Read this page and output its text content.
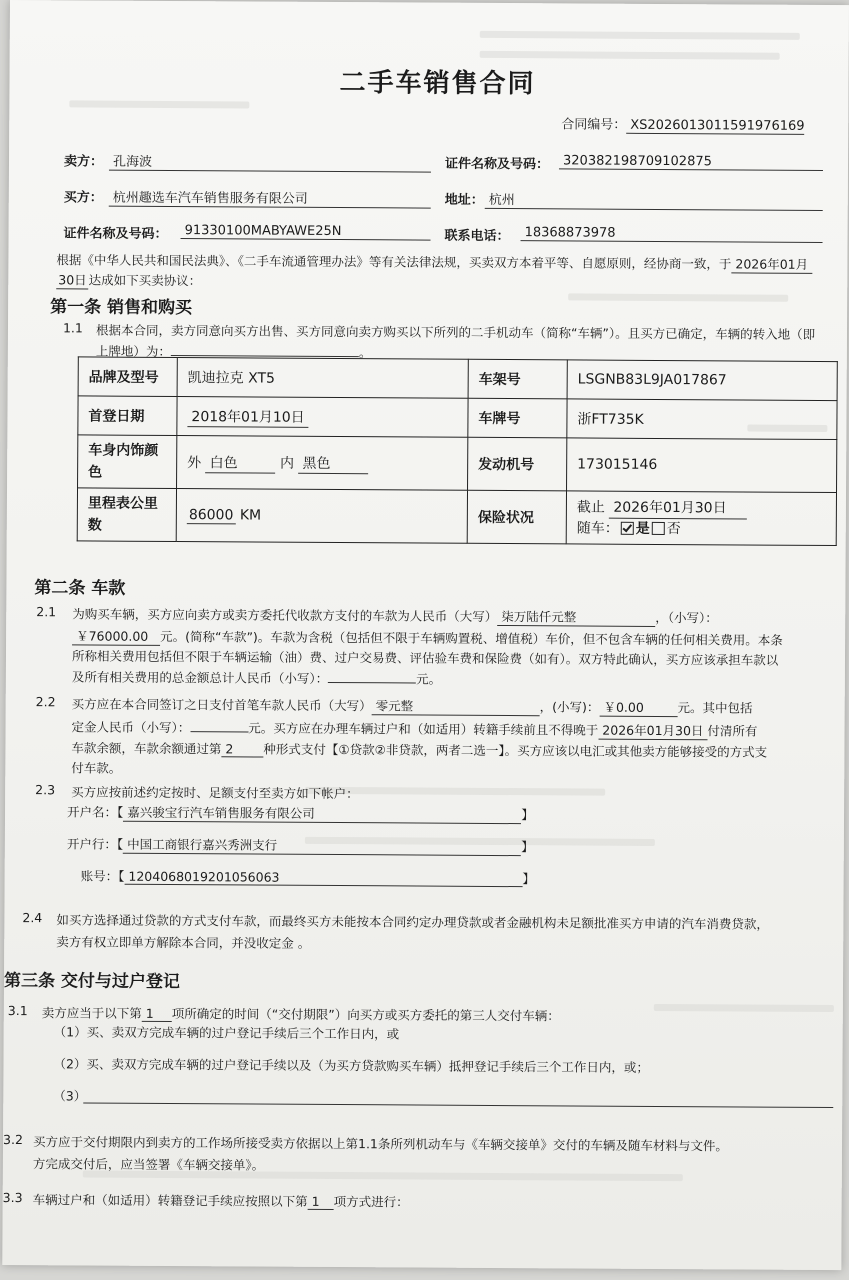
二手车销售合同
合同编号： XS2026013011591976169
卖方： 孔海波	证件名称及号码：	320382198709102875
买方： 杭州趣选车汽车销售服务有限公司	地址： 杭州
证件名称及号码：	91330100MABYAWE25N	联系电话：	18368873978
根据《中华人民共和国民法典》、《二手车流通管理办法》等有关法律法规，买卖双方本着平等、自愿原则，经协商一致，于 2026年01月
30日 达成如下买卖协议：
第一条 销售和购买
1.1 根据本合同，卖方同意向买方出售、买方同意向卖方购买以下所列的二手机动车（简称“车辆”）。且买方已确定，车辆的转入地（即
上牌地）为：	。
品牌及型号	凯迪拉克 XT5	车架号	LSGNB83L9JA017867
首登日期	2018年01月10日	车牌号	浙FT735K
车身内饰颜色	外 白色 内 黑色	发动机号	173015146
里程表公里数	86000 KM	保险状况	截止 2026年01月30日
随车： 是 否
第二条 车款
2.1 为购买车辆，买方应向卖方或卖方委托代收款方支付的车款为人民币（大写） 柒万陆仟元整	，（小写）：
￥76000.00 元。(简称“车款”)。车款为含税（包括但不限于车辆购置税、增值税）车价，但不包含车辆的任何相关费用。本条
所称相关费用包括但不限于车辆运输（油）费、过户交易费、评估验车费和保险费（如有）。双方特此确认，买方应该承担车款以
及所有相关费用的总金额总计人民币（小写）：	元。
2.2 买方应在本合同签订之日支付首笔车款人民币（大写） 零元整	，(小写)： ￥0.00	元。其中包括
定金人民币（小写）：	元。买方应在办理车辆过户和（如适用）转籍手续前且不得晚于 2026年01月30日 付清所有
车款余额，车款余额通过第 2 种形式支付【①贷款②非贷款，两者二选一】。买方应该以电汇或其他卖方能够接受的方式支
付车款。
2.3 买方应按前述约定按时、足额支付至卖方如下帐户：
开户名：【 嘉兴骏宝行汽车销售服务有限公司	】
开户行：【 中国工商银行嘉兴秀洲支行	】
账号：【 1204068019201056063	】
2.4 如买方选择通过贷款的方式支付车款，而最终买方未能按本合同约定办理贷款或者金融机构未足额批准买方申请的汽车消费贷款，
卖方有权立即单方解除本合同，并没收定金 。
第三条 交付与过户登记
3.1 卖方应当于以下第 1 项所确定的时间（“交付期限”）向买方或买方委托的第三人交付车辆：
（1）买、卖双方完成车辆的过户登记手续后三个工作日内，或
（2）买、卖双方完成车辆的过户登记手续以及（为买方贷款购买车辆）抵押登记手续后三个工作日内，或；
（3）
3.2 买方应于交付期限内到卖方的工作场所接受卖方依据以上第1.1条所列机动车与《车辆交接单》交付的车辆及随车材料与文件。
方完成交付后，应当签署《车辆交接单》。
3.3 车辆过户和（如适用）转籍登记手续应按照以下第 1 项方式进行：
